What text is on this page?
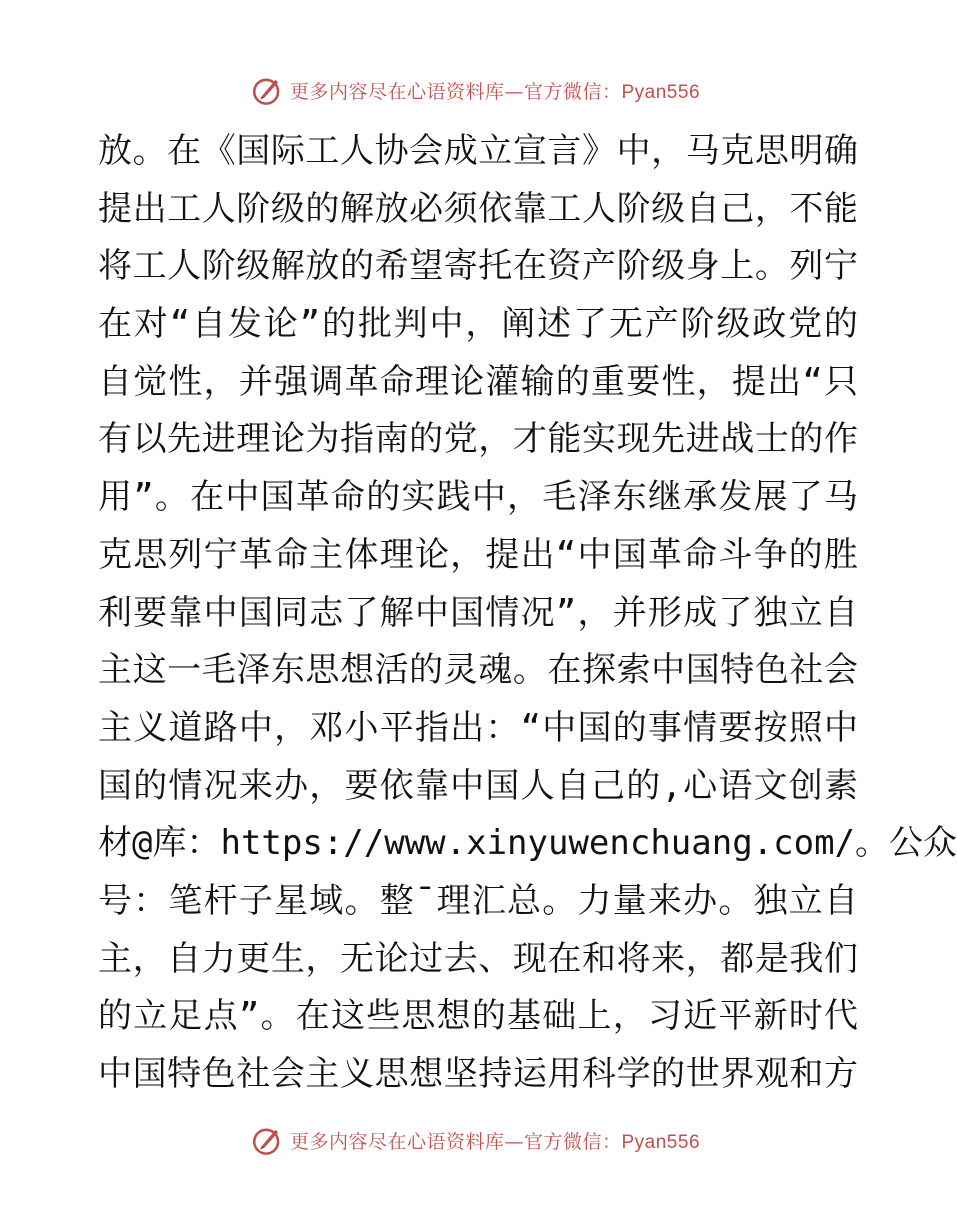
更多内容尽在心语资料库—官方微信：Pyan556
放。在《国际工人协会成立宣言》中，马克思明确
提出工人阶级的解放必须依靠工人阶级自己，不能
将工人阶级解放的希望寄托在资产阶级身上。列宁
在对“自发论”的批判中，阐述了无产阶级政党的
自觉性，并强调革命理论灌输的重要性，提出“只
有以先进理论为指南的党，才能实现先进战士的作
用”。在中国革命的实践中，毛泽东继承发展了马
克思列宁革命主体理论，提出“中国革命斗争的胜
利要靠中国同志了解中国情况”，并形成了独立自
主这一毛泽东思想活的灵魂。在探索中国特色社会
主义道路中，邓小平指出：“中国的事情要按照中
国的情况来办，要依靠中国人自己的,心语文创素
材@库：https://www.xinyuwenchuang.com/。公众
号：笔杆子星域。整¯理汇总。力量来办。独立自
主，自力更生，无论过去、现在和将来，都是我们
的立足点”。在这些思想的基础上，习近平新时代
中国特色社会主义思想坚持运用科学的世界观和方
更多内容尽在心语资料库—官方微信：Pyan556
